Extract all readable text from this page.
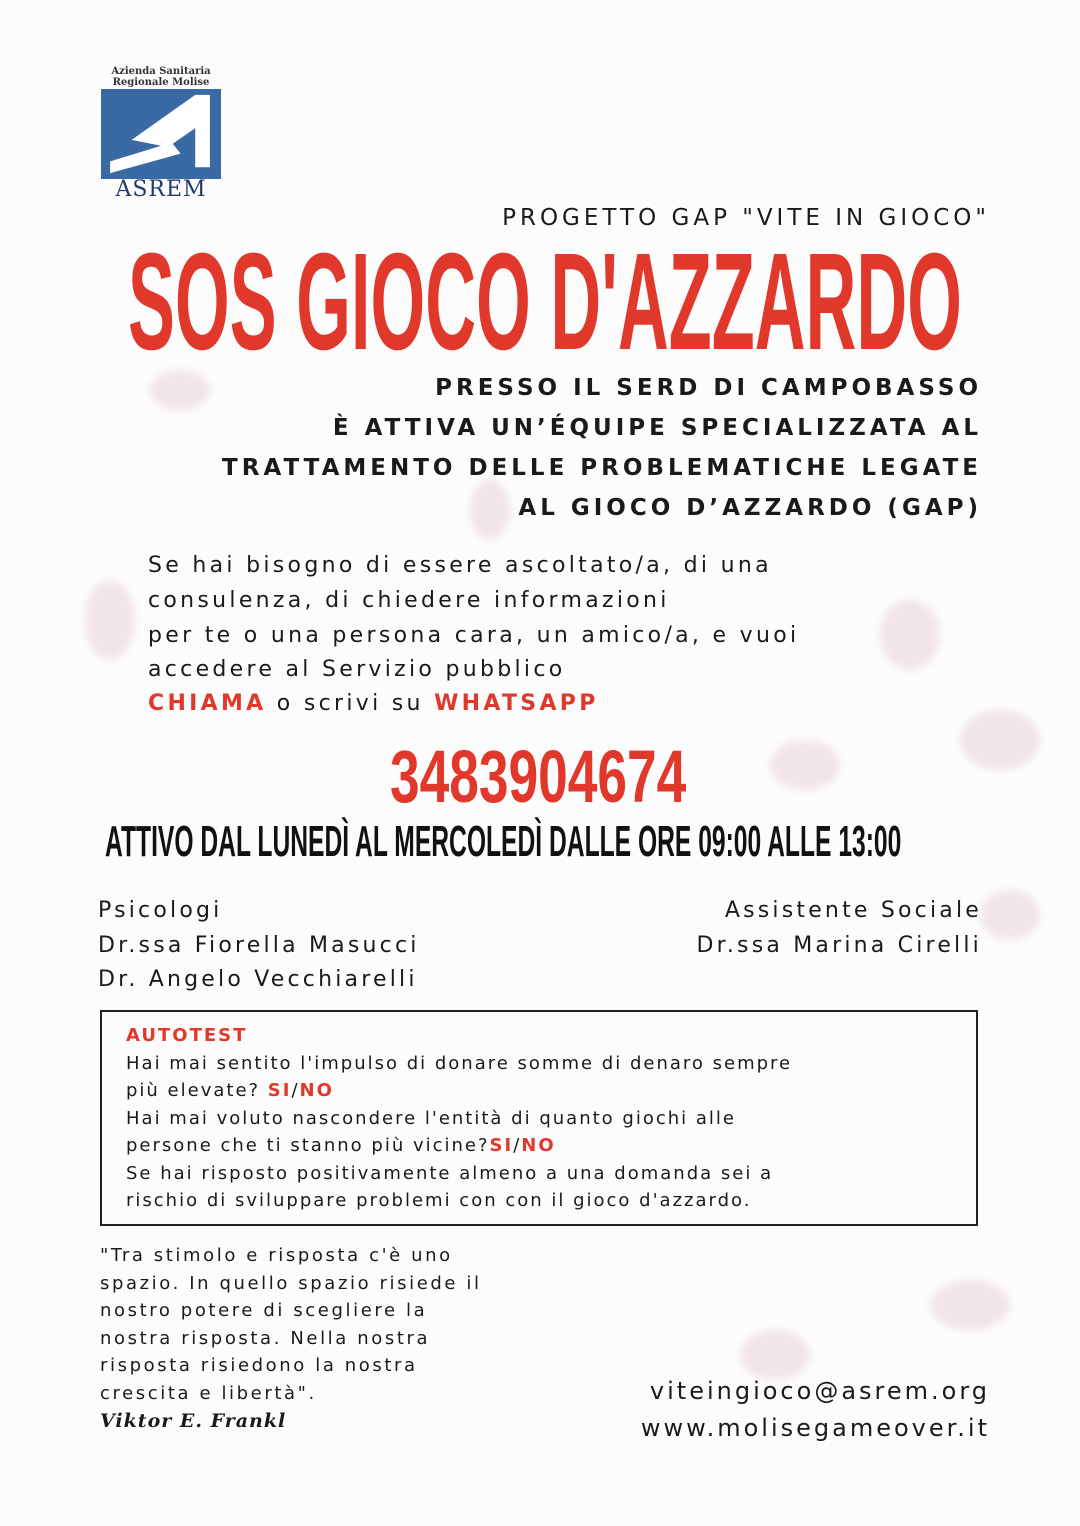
Azienda Sanitaria
Regionale Molise
ASREM
PROGETTO GAP "VITE IN GIOCO"
SOS GIOCO D'AZZARDO
PRESSO IL SERD DI CAMPOBASSO
È ATTIVA UN’ÉQUIPE SPECIALIZZATA AL
TRATTAMENTO DELLE PROBLEMATICHE LEGATE
AL GIOCO D’AZZARDO (GAP)
Se hai bisogno di essere ascoltato/a, di una
consulenza, di chiedere informazioni
per te o una persona cara, un amico/a, e vuoi
accedere al Servizio pubblico
CHIAMA o scrivi su WHATSAPP
3483904674
ATTIVO DAL LUNEDÌ AL MERCOLEDÌ DALLE ORE 09:00 ALLE 13:00
Psicologi
Dr.ssa Fiorella Masucci
Dr. Angelo Vecchiarelli
Assistente Sociale
Dr.ssa Marina Cirelli
AUTOTEST
Hai mai sentito l'impulso di donare somme di denaro sempre
più elevate? SI/NO
Hai mai voluto nascondere l'entità di quanto giochi alle
persone che ti stanno più vicine?SI/NO
Se hai risposto positivamente almeno a una domanda sei a
rischio di sviluppare problemi con con il gioco d'azzardo.
"Tra stimolo e risposta c'è uno
spazio. In quello spazio risiede il
nostro potere di scegliere la
nostra risposta. Nella nostra
risposta risiedono la nostra
crescita e libertà".
Viktor E. Frankl
viteingioco@asrem.org
www.molisegameover.it
